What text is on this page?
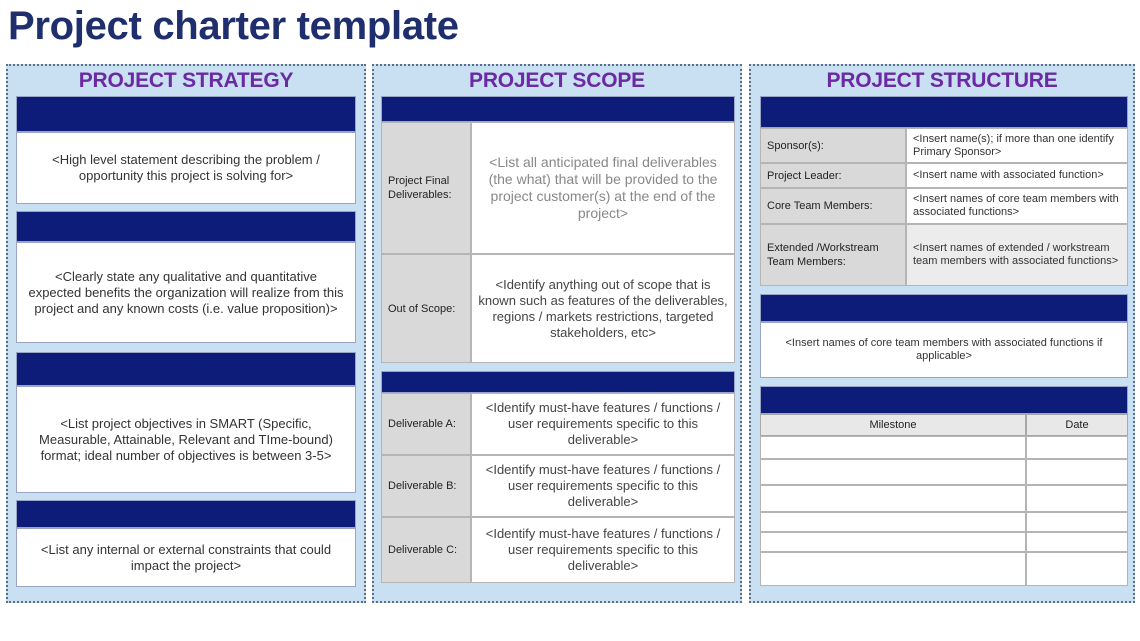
Project charter template
PROJECT STRATEGY
Business Opportunity
<High level statement describing the problem / opportunity this project is solving for>
Measurable Benefits and Savings
<Clearly state any qualitative and quantitative expected benefits the organization will realize from this project and any known costs (i.e. value proposition)>
Project Objectives
<List project objectives in SMART (Specific, Measurable, Attainable, Relevant and TIme-bound) format; ideal number of objectives is between 3-5>
Project Constraints
<List any internal or external constraints that could impact the project>
PROJECT SCOPE
Project Final Deliverables & Boundaries
Project Final Deliverables:
<List all anticipated final deliverables (the what) that will be provided to the project customer(s) at the end of the project>
Out of Scope:
<Identify anything out of scope that is known such as features of the deliverables, regions / markets restrictions, targeted stakeholders, etc>
Final Deliverables Acceptance Criteria
Deliverable A:
<Identify must-have features / functions / user requirements specific to this deliverable>
Deliverable B:
<Identify must-have features / functions / user requirements specific to this deliverable>
Deliverable C:
<Identify must-have features / functions / user requirements specific to this deliverable>
PROJECT STRUCTURE
Project Team
Sponsor(s):
<Insert name(s); if more than one identify Primary Sponsor>
Project Leader:	<Insert name with associated function>
Core Team Members:
<Insert names of core team members with associated functions>
Extended /Workstream Team Members:
<Insert names of extended / workstream team members with associated functions>
Steering Committee Members
<Insert names of core team members with associated functions if applicable>
Key Milestones / Project Roadmap
Milestone	Date
